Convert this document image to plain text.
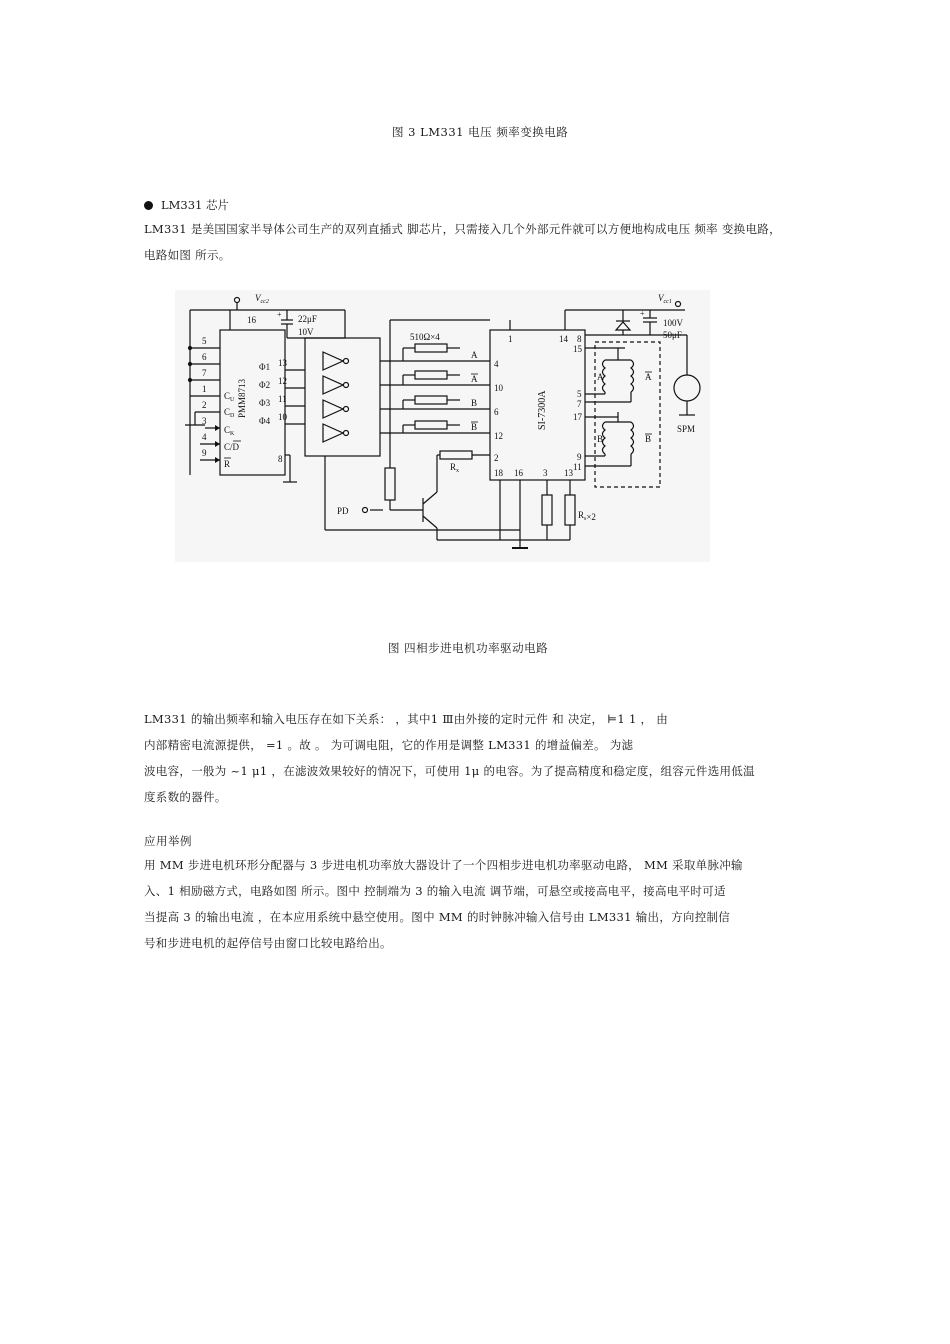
图 3 LM331 电压 频率变换电路
LM331 芯片
LM331 是美国国家半导体公司生产的双列直插式 脚芯片，只需接入几个外部元件就可以方便地构成电压 频率 变换电路，
电路如图 所示。
$V_{cc2}$
+ 22μF
10V
16
PMM8713
5
6
7
1
2
3
4
9
$C_U$
$C_D$
$C_K$
C/D
R
Φ1 13
Φ2 12
Φ3 11
Φ4 10
8
510Ω×4
A
A
B
B
$R_x$
PD
SI-7300A
1
4
10
6
12
2
18 16 3 13
14 8
15
5
7
17
9
11
$R_s\times 2$
$V_{cc1}$
+
100V
50μF
A	A
B	B
SPM
图 四相步进电机功率驱动电路
LM331 的输出频率和输入电压存在如下关系： ，其中1 Ⅲ由外接的定时元件 和 决定， ⊨1 1 ， 由
内部精密电流源提供， =1 。故 。 为可调电阻，它的作用是调整 LM331 的增益偏差。 为滤
波电容，一般为 ~1 μ1 ，在滤波效果较好的情况下，可使用 1μ 的电容。为了提高精度和稳定度，组容元件选用低温
度系数的器件。
应用举例
用 MM 步进电机环形分配器与 3 步进电机功率放大器设计了一个四相步进电机功率驱动电路， MM 采取单脉冲输
入、1 相励磁方式，电路如图 所示。图中 控制端为 3 的输入电流 调节端，可悬空或接高电平，接高电平时可适
当提高 3 的输出电流 ，在本应用系统中悬空使用。图中 MM 的时钟脉冲输入信号由 LM331 输出，方向控制信
号和步进电机的起停信号由窗口比较电路给出。
